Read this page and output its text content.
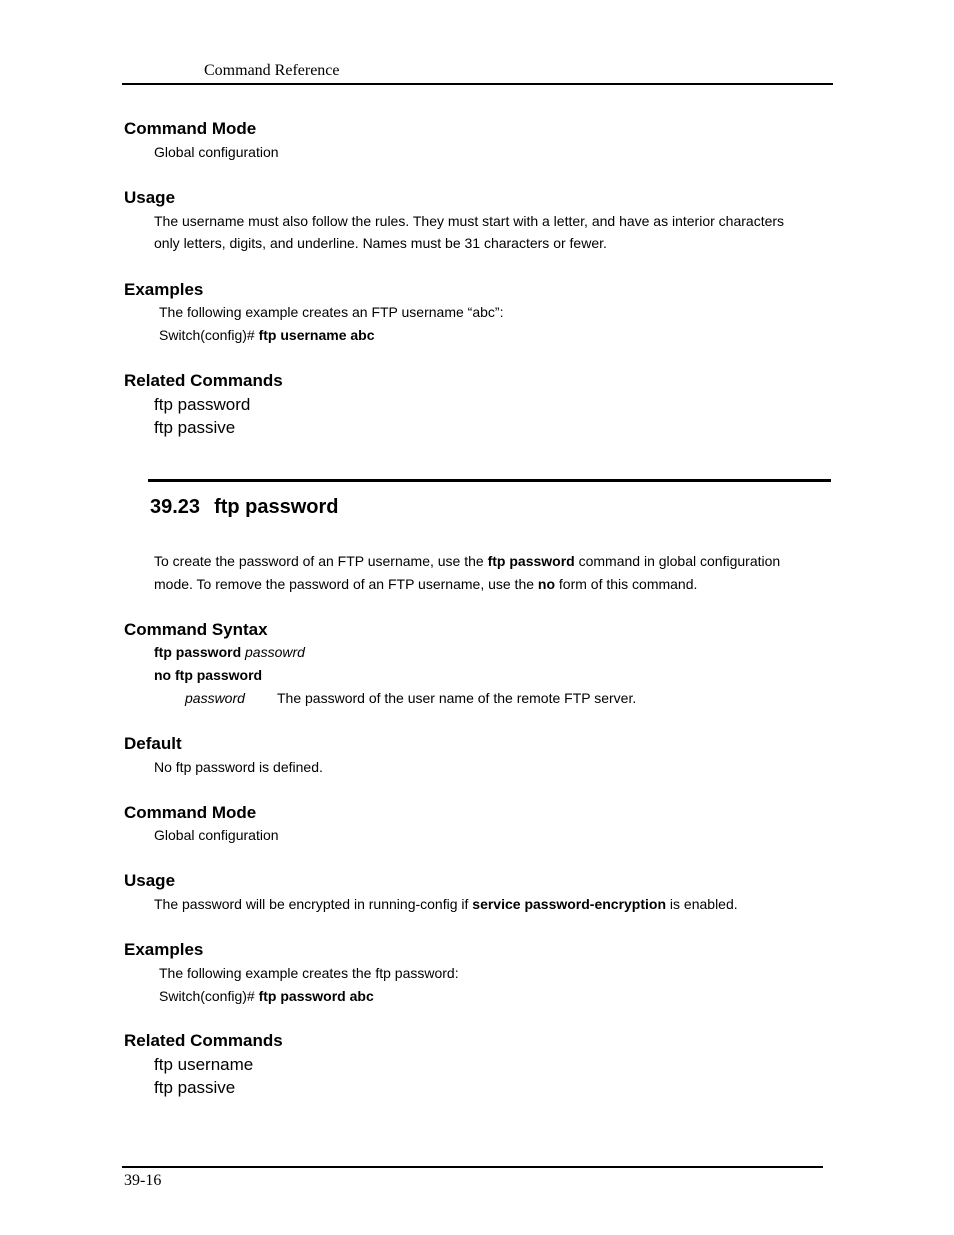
Command Reference
Command Mode
Global configuration
Usage
The username must also follow the rules. They must start with a letter, and have as interior characters
only letters, digits, and underline. Names must be 31 characters or fewer.
Examples
The following example creates an FTP username “abc”:
Switch(config)# ftp username abc
Related Commands
ftp password
ftp passive
39.23 ftp password
To create the password of an FTP username, use the ftp password command in global configuration
mode. To remove the password of an FTP username, use the no form of this command.
Command Syntax
ftp password passowrd
no ftp password
password The password of the user name of the remote FTP server.
Default
No ftp password is defined.
Command Mode
Global configuration
Usage
The password will be encrypted in running-config if service password-encryption is enabled.
Examples
The following example creates the ftp password:
Switch(config)# ftp password abc
Related Commands
ftp username
ftp passive
39-16
